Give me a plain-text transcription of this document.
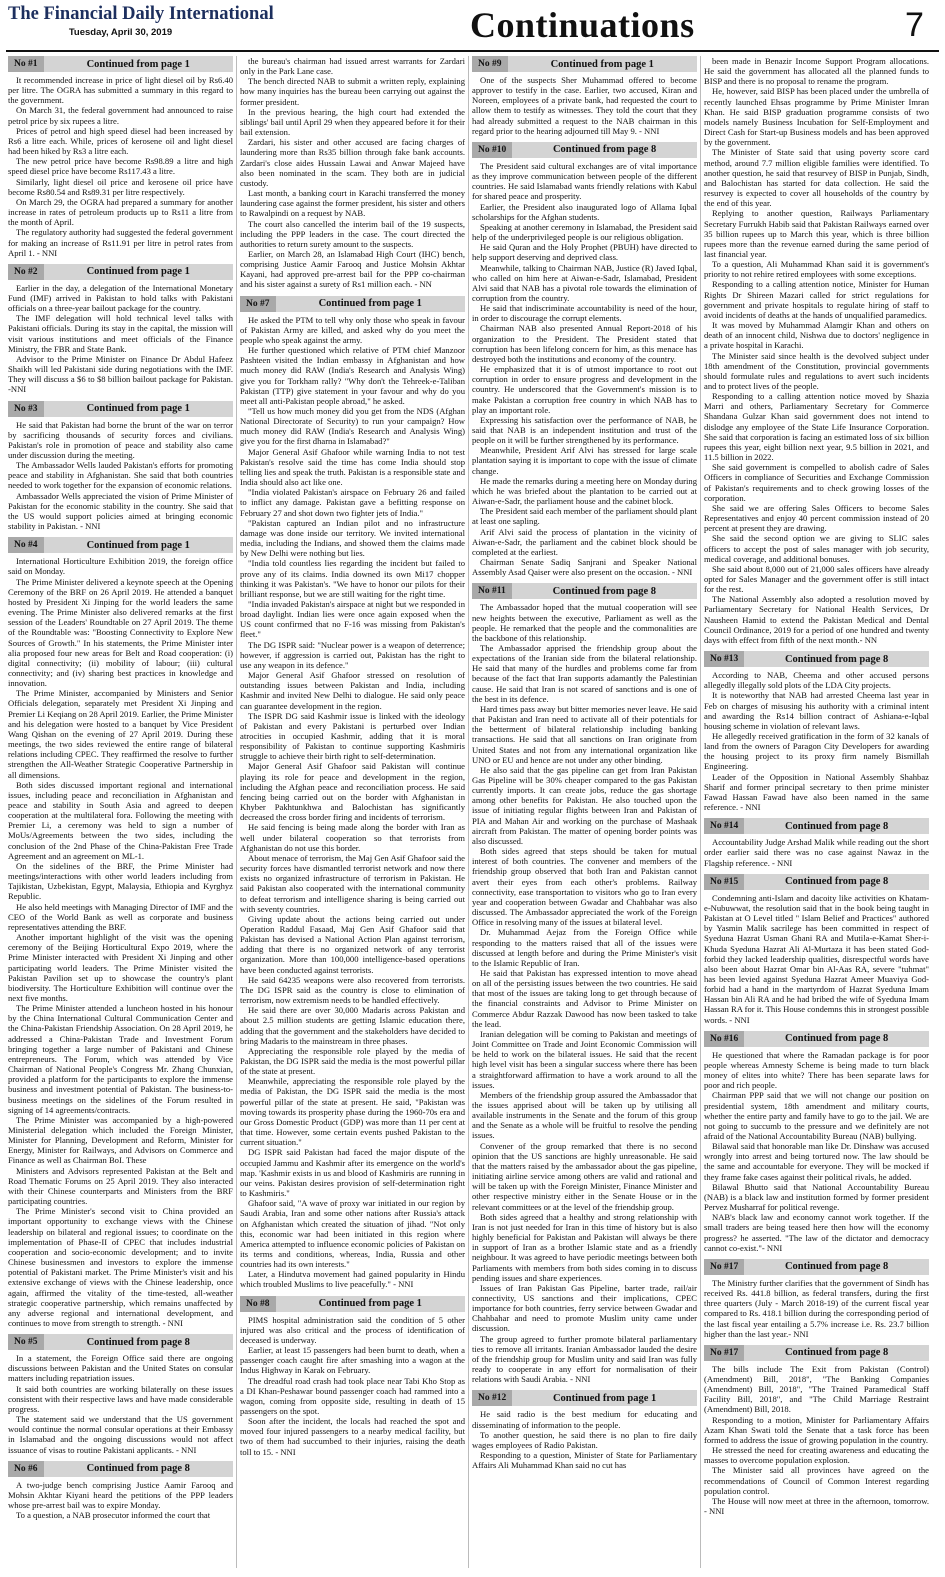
The Financial Daily International
Tuesday, April 30, 2019	Continuations	7
No #1	Continued from page 1

It recommended increase in price of light diesel oil by Rs6.40 per litre. The OGRA has submitted a summary in this regard to the government.

On March 31, the federal government had announced to raise petrol price by six rupees a litre.

Prices of petrol and high speed diesel had been increased by Rs6 a litre each. While, prices of kerosene oil and light diesel had been hiked by Rs3 a litre each.

The new petrol price have become Rs98.89 a litre and high speed diesel price have become Rs117.43 a litre.

Similarly, light diesel oil price and kerosene oil price have become Rs80.54 and Rs89.31 per litre respectively.

On March 29, the OGRA had prepared a summary for another increase in rates of petroleum products up to Rs11 a litre from the month of April.

The regulatory authority had suggested the federal government for making an increase of Rs11.91 per litre in petrol rates from April 1. - NNI

No #2	Continued from page 1

Earlier in the day, a delegation of the International Monetary Fund (IMF) arrived in Pakistan to hold talks with Pakistani officials on a three-year bailout package for the country.

The IMF delegation will hold technical level talks with Pakistani officials. During its stay in the capital, the mission will visit various institutions and meet officials of the Finance Ministry, the FBR and State Bank.

Advisor to the Prime Minister on Finance Dr Abdul Hafeez Shaikh will led Pakistani side during negotiations with the IMF. They will discuss a $6 to $8 billion bailout package for Pakistan. -NNI

No #3	Continued from page 1

He said that Pakistan had borne the brunt of the war on terror by sacrificing thousands of security forces and civilians. Pakistan's role in promotion of peace and stability also came under discussion during the meeting.

The Ambassador Wells lauded Pakistan's efforts for promoting peace and stability in Afghanistan. She said that both countries needed to work together for the expansion of economic relations.

Ambassador Wells appreciated the vision of Prime Minister of Pakistan for the economic stability in the country. She said that the US would support policies aimed at bringing economic stability in Pakistan. - NNI

No #4	Continued from page 1

International Horticulture Exhibition 2019, the foreign office said on Monday.

The Prime Minister delivered a keynote speech at the Opening Ceremony of the BRF on 26 April 2019. He attended a banquet hosted by President Xi Jinping for the world leaders the same evening. The Prime Minister also delivered remarks at the first session of the Leaders' Roundtable on 27 April 2019. The theme of the Roundtable was: "Boosting Connectivity to Explore New Sources of Growth." In his statements, the Prime Minister inter alia proposed four new areas for Belt and Road cooperation: (i) digital connectivity; (ii) mobility of labour; (iii) cultural connectivity; and (iv) sharing best practices in knowledge and innovation.

The Prime Minister, accompanied by Ministers and Senior Officials delegation, separately met President Xi Jinping and Premier Li Keqiang on 28 April 2019. Earlier, the Prime Minister and his delegation were hosted to a banquet by Vice President Wang Qishan on the evening of 27 April 2019. During these meetings, the two sides reviewed the entire range of bilateral relations including CPEC. They reaffirmed the resolve to further strengthen the All-Weather Strategic Cooperative Partnership in all dimensions.

Both sides discussed important regional and international issues, including peace and reconciliation in Afghanistan and peace and stability in South Asia and agreed to deepen cooperation at the multilateral fora. Following the meeting with Premier Li, a ceremony was held to sign a number of MoUs/Agreements between the two sides, including the conclusion of the 2nd Phase of the China-Pakistan Free Trade Agreement and an agreement on ML-1.

On the sidelines of the BRF, the Prime Minister had meetings/interactions with other world leaders including from Tajikistan, Uzbekistan, Egypt, Malaysia, Ethiopia and Kyrghyz Republic.

He also held meetings with Managing Director of IMF and the CEO of the World Bank as well as corporate and business representatives attending the BRF.

Another important highlight of the visit was the opening ceremony of the Beijing Horticultural Expo 2019, where the Prime Minister interacted with President Xi Jinping and other participating world leaders. The Prime Minister visited the Pakistan Pavilion set up to showcase the country's plant biodiversity. The Horticulture Exhibition will continue over the next five months.

The Prime Minister attended a luncheon hosted in his honour by the China International Cultural Communication Center and the China-Pakistan Friendship Association. On 28 April 2019, he addressed a China-Pakistan Trade and Investment Forum bringing together a large number of Pakistani and Chinese entrepreneurs. The Forum, which was attended by Vice Chairman of National People's Congress Mr. Zhang Chunxian, provided a platform for the participants to explore the immense business and investment potential of Pakistan. The business-to-business meetings on the sidelines of the Forum resulted in signing of 14 agreements/contracts.

The Prime Minister was accompanied by a high-powered Ministerial delegation which included the Foreign Minister, Minister for Planning, Development and Reform, Minister for Energy, Minister for Railways, and Advisors on Commerce and Finance as well as Chairman BoI. These

Ministers and Advisors represented Pakistan at the Belt and Road Thematic Forums on 25 April 2019. They also interacted with their Chinese counterparts and Ministers from the BRF participating countries.

The Prime Minister's second visit to China provided an important opportunity to exchange views with the Chinese leadership on bilateral and regional issues; to coordinate on the implementation of Phase-II of CPEC that includes industrial cooperation and socio-economic development; and to invite Chinese businessmen and investors to explore the immense potential of Pakistani market. The Prime Minister's visit and his extensive exchange of views with the Chinese leadership, once again, affirmed the vitality of the time-tested, all-weather strategic cooperative partnership, which remains unaffected by any adverse regional and international development, and continues to move from strength to strength. - NNI

No #5	Continued from page 8

In a statement, the Foreign Office said there are ongoing discussions between Pakistan and the United States on consular matters including repatriation issues.

It said both countries are working bilaterally on these issues consistent with their respective laws and have made considerable progress.

The statement said we understand that the US government would continue the normal consular operations at their Embassy in Islamabad and the ongoing discussions would not affect issuance of visas to routine Pakistani applicants. - NNI

No #6	Continued from page 8

A two-judge bench comprising Justice Aamir Farooq and Mohsin Akhtar Kiyani heard the petitions of the PPP leaders whose pre-arrest bail was to expire Monday.

To a question, a NAB prosecutor informed the court that

the bureau's chairman had issued arrest warrants for Zardari only in the Park Lane case.

The bench directed NAB to submit a written reply, explaining how many inquiries has the bureau been carrying out against the former president.

In the previous hearing, the high court had extended the siblings' bail until April 29 when they appeared before it for their bail extension.

Zardari, his sister and other accused are facing charges of laundering more than Rs35 billion through fake bank accounts. Zardari's close aides Hussain Lawai and Anwar Majeed have also been nominated in the scam. They both are in judicial custody.

Last month, a banking court in Karachi transferred the money laundering case against the former president, his sister and others to Rawalpindi on a request by NAB.

The court also cancelled the interim bail of the 19 suspects, including the PPP leaders in the case. The court directed the authorities to return surety amount to the suspects.

Earlier, on March 28, an Islamabad High Court (IHC) bench, comprising Justice Aamir Farooq and Justice Mohsin Akhtar Kayani, had approved pre-arrest bail for the PPP co-chairman and his sister against a surety of Rs1 million each. - NN

No #7	Continued from page 1

He asked the PTM to tell why only those who speak in favour of Pakistan Army are killed, and asked why do you meet the people who speak against the army.

He further questioned which relative of PTM chief Manzoor Pashteen visited the Indian embassy in Afghanistan and how much money did RAW (India's Research and Analysis Wing) give you for Torkham rally? "Why don't the Tehreek-e-Taliban Pakistan (TTP) give statement in your favour and why do you meet all anti-Pakistan people abroad," he asked.

"Tell us how much money did you get from the NDS (Afghan National Directorate of Security) to run your campaign? How much money did RAW (India's Research and Analysis Wing) give you for the first dharna in Islamabad?"

Major General Asif Ghafoor while warning India to not test Pakistan's resolve said the time has come India should stop telling lies and speak the truth. Pakistan is a responsible state and India should also act like one.

"India violated Pakistan's airspace on February 26 and failed to inflict any damage. Pakistan gave a befitting response on February 27 and shot down two fighter jets of India."

"Pakistan captured an Indian pilot and no infrastructure damage was done inside our territory. We invited international media, including the Indians, and showed them the claims made by New Delhi were nothing but lies.

"India told countless lies regarding the incident but failed to prove any of its claims. India downed its own Mi17 chopper thinking it was Pakistan's. "We have to honor our pilots for their brilliant response, but we are still waiting for the right time.

"India invaded Pakistan's airspace at night but we responded in broad daylight. Indian lies were once again exposed when the US count confirmed that no F-16 was missing from Pakistan's fleet."

The DG ISPR said: "Nuclear power is a weapon of deterrence; however, if aggression is carried out, Pakistan has the right to use any weapon in its defence."

Major General Asif Ghafoor stressed on resolution of outstanding issues between Pakistan and India, including Kashmir and invited New Delhi to dialogue. He said only peace can guarantee development in the region.

The ISPR DG said Kashmir issue is linked with the ideology of Pakistan and every Pakistani is perturbed over Indian atrocities in occupied Kashmir, adding that it is moral responsibility of Pakistan to continue supporting Kashmiris struggle to achieve their birth right to self-determination.

Major General Asif Ghafoor said Pakistan will continue playing its role for peace and development in the region, including the Afghan peace and reconciliation process. He said fencing being carried out on the border with Afghanistan in Khyber Pakhtunkhwa and Balochistan has significantly decreased the cross border firing and incidents of terrorism.

He said fencing is being made along the border with Iran as well under bilateral cooperation so that terrorists from Afghanistan do not use this border.

About menace of terrorism, the Maj Gen Asif Ghafoor said the security forces have dismantled terrorist network and now there exists no organized infrastructure of terrorism in Pakistan. He said Pakistan also cooperated with the international community to defeat terrorism and intelligence sharing is being carried out with seventy countries.

Giving update about the actions being carried out under Operation Raddul Fasaad, Maj Gen Asif Ghafoor said that Pakistan has devised a National Action Plan against terrorism, adding that there is no organized network of any terrorist organization. More than 100,000 intelligence-based operations have been conducted against terrorists.

He said 64235 weapons were also recovered from terrorists. The DG ISPR said as the country is close to elimination of terrorism, now extremism needs to be handled effectively.

He said there are over 30,000 Madaris across Pakistan and about 2.5 million students are getting Islamic education there, adding that the government and the stakeholders have decided to bring Madaris to the mainstream in three phases.

Appreciating the responsible role played by the media of Pakistan, the DG ISPR said the media is the most powerful pillar of the state at present.

Meanwhile, appreciating the responsible role played by the media of Pakistan, the DG ISPR said the media is the most powerful pillar of the state at present. He said, "Pakistan was moving towards its prosperity phase during the 1960-70s era and our Gross Domestic Product (GDP) was more than 11 per cent at that time. However, some certain events pushed Pakistan to the current situation."

DG ISPR said Pakistan had faced the major dispute of the occupied Jammu and Kashmir after its emergence on the world's map. 'Kashmir exists in us and blood of Kashmiris are running in our veins. Pakistan desires provision of self-determination right to Kashmiris."

Ghafoor said, "A wave of proxy war initiated in our region by Saudi Arabia, Iran and some other nations after Russia's attack on Afghanistan which created the situation of jihad. "Not only this, economic war had been initiated in this region where America attempted to influence economic policies of Pakistan on its terms and conditions, whereas, India, Russia and other countries had its own interests."

Later, a Hindutva movement had gained popularity in Hindu which troubled Muslims to live peacefully." - NNI

No #8	Continued from page 1

PIMS hospital administration said the condition of 5 other injured was also critical and the process of identification of deceased is underway.

Earlier, at least 15 passengers had been burnt to death, when a passenger coach caught fire after smashing into a wagon at the Indus Highway in Karak on February.

The dreadful road crash had took place near Tabi Kho Stop as a DI Khan-Peshawar bound passenger coach had rammed into a wagon, coming from opposite side, resulting in death of 15 passengers on the spot.

Soon after the incident, the locals had reached the spot and moved four injured passengers to a nearby medical facility, but two of them had succumbed to their injuries, raising the death toll to 15. - NNI

No #9	Continued from page 1

One of the suspects Sher Muhammad offered to become approver to testify in the case. Earlier, two accused, Kiran and Noreen, employees of a private bank, had requested the court to allow them to testify as witnesses. They told the court that they had already submitted a request to the NAB chairman in this regard prior to the hearing adjourned till May 9. - NNI

No #10	Continued from page 8

The President said cultural exchanges are of vital importance as they improve communication between people of the different countries. He said Islamabad wants friendly relations with Kabul for shared peace and prosperity.

Earlier, the President also inaugurated logo of Allama Iqbal scholarships for the Afghan students.

Speaking at another ceremony in Islamabad, the President said help of the underprivileged people is our religious obligation.

He said Quran and the Holy Prophet (PBUH) have directed to help support deserving and deprived class.

Meanwhile, talking to Chairman NAB, Justice (R) Javed Iqbal, who called on him here at Aiwan-e-Sadr, Islamabad, President Alvi said that NAB has a pivotal role towards the elimination of corruption from the country.

He said that indiscriminate accountability is need of the hour, in order to discourage the corrupt elements.

Chairman NAB also presented Annual Report-2018 of his organization to the President. The President stated that corruption has been lifelong concern for him, as this menace has destroyed both the institutions and economy of the country.

He emphasized that it is of utmost importance to root out corruption in order to ensure progress and development in the country. He underscored that the Government's mission is to make Pakistan a corruption free country in which NAB has to play an important role.

Expressing his satisfaction over the performance of NAB, he said that NAB is an independent institution and trust of the people on it will be further strengthened by its performance.

Meanwhile, President Arif Alvi has stressed for large scale plantation saying it is important to cope with the issue of climate change.

He made the remarks during a meeting here on Monday during which he was briefed about the plantation to be carried out at Aiwan-e-Sadr, the parliament house and the cabinet block.

The President said each member of the parliament should plant at least one sapling.

Arif Alvi said the process of plantation in the vicinity of Aiwan-e-Sadr, the parliament and the cabinet block should be completed at the earliest.

Chairman Senate Sadiq Sanjrani and Speaker National Assembly Asad Qaiser were also present on the occasion. - NNI

No #11	Continued from page 8

The Ambassador hoped that the mutual cooperation will see new heights between the executive, Parliament as well as the people. He remarked that the people and the commonalities are the backbone of this relationship.

The Ambassador apprised the friendship group about the expectations of the Iranian side from the bilateral relationship. He said that many of the hurdles and problems come far from because of the fact that Iran supports adamantly the Palestinian cause. He said that Iran is not scared of sanctions and is one of the best in its defence.

Hard times pass away but bitter memories never leave. He said that Pakistan and Iran need to activate all of their potentials for the betterment of bilateral relationship including banking transactions. He said that all sanctions on Iran originate from United States and not from any international organization like UNO or EU and hence are not under any other binding.

He also said that the gas pipeline can get from Iran Pakistan Gas Pipeline will be 30% cheaper compared to the gas Pakistan currently imports. It can create jobs, reduce the gas shortage among other benefits for Pakistan. He also touched upon the issue of initiating regular flights between Iran and Pakistan of PIA and Mahan Air and working on the purchase of Mashaak aircraft from Pakistan. The matter of opening border points was also discussed.

Both sides agreed that steps should be taken for mutual interest of both countries. The convener and members of the friendship group observed that both Iran and Pakistan cannot avert their eyes from each other's problems. Railway connectivity, ease transportation to visitors who go to Iran every year and cooperation between Gwadar and Chahbahar was also discussed. The Ambassador appreciated the work of the Foreign Office in resolving many of the issues at bilateral level.

Dr. Muhammad Aejaz from the Foreign Office while responding to the matters raised that all of the issues were discussed at length before and during the Prime Minister's visit to the Islamic Republic of Iran.

He said that Pakistan has expressed intention to move ahead on all of the persisting issues between the two countries. He said that most of the issues are taking long to get through because of the financial constraints and Advisor to Prime Minister on Commerce Abdur Razzak Dawood has now been tasked to take the lead.

Iranian delegation will be coming to Pakistan and meetings of Joint Committee on Trade and Joint Economic Commission will be held to work on the bilateral issues. He said that the recent high level visit has been a singular success where there has been a straightforward affirmation to have a work around to all the issues.

Members of the friendship group assured the Ambassador that the issues apprised about will be taken up by utilising all available instruments in the Senate and the forum of this group and the Senate as a whole will be fruitful to resolve the pending issues.

Convener of the group remarked that there is no second opinion that the US sanctions are highly unreasonable. He said that the matters raised by the ambassador about the gas pipeline, initiating airline service among others are valid and rational and will be taken up with the Foreign Minister, Finance Minister and other respective ministry either in the Senate House or in the relevant committees or at the level of the friendship group.

Both sides agreed that a healthy and strong relationship with Iran is not just needed for Iran in this time of history but is also highly beneficial for Pakistan and Pakistan will always be there in support of Iran as a brother Islamic state and as a friendly neighbour. It was agreed to have periodic meetings between both Parliaments with members from both sides coming in to discuss pending issues and share experiences.

Issues of Iran Pakistan Gas Pipeline, barter trade, rail/air connectivity, US sanctions and their implications, CPEC importance for both countries, ferry service between Gwadar and Chahbahar and need to promote Muslim unity came under discussion.

The group agreed to further promote bilateral parliamentary ties to remove all irritants. Iranian Ambassador lauded the desire of the friendship group for Muslim unity and said Iran was fully ready to cooperate in any effort for normalisation of their relations with Saudi Arabia. - NNI

No #12	Continued from page 1

He said radio is the best medium for educating and disseminating of information to the people.

To another question, he said there is no plan to fire daily wages employees of Radio Pakistan.

Responding to a question, Minister of State for Parliamentary Affairs Ali Muhammad Khan said no cut has

been made in Benazir Income Support Program allocations. He said the government has allocated all the planned funds to BISP and there is no proposal to rename the program.

He, however, said BISP has been placed under the umbrella of recently launched Ehsas programme by Prime Minister Imran Khan. He said BISP graduation programme consists of two models namely Business Incubation for Self-Employment and Direct Cash for Start-up Business models and has been approved by the government.

The Minister of State said that using poverty score card method, around 7.7 million eligible families were identified. To another question, he said that resurvey of BISP in Punjab, Sindh, and Balochistan has started for data collection. He said the resurvey is expected to cover all households of the country by the end of this year.

Replying to another question, Railways Parliamentary Secretary Furrukh Habib said that Pakistan Railways earned over 35 billion rupees up to March this year, which is three billion rupees more than the revenue earned during the same period of last financial year.

To a question, Ali Muhammad Khan said it is government's priority to not rehire retired employees with some exceptions.

Responding to a calling attention notice, Minister for Human Rights Dr Shireen Mazari called for strict regulations for government and private hospitals to regulate hiring of staff to avoid incidents of deaths at the hands of unqualified paramedics.

It was moved by Muhammad Alamgir Khan and others on death of an innocent child, Nishwa due to doctors' negligence in a private hospital in Karachi.

The Minister said since health is the devolved subject under 18th amendment of the Constitution, provincial governments should formulate rules and regulations to avert such incidents and to protect lives of the people.

Responding to a calling attention notice moved by Shazia Marri and others, Parliamentary Secretary for Commerce Shandana Gulzar Khan said government does not intend to dislodge any employee of the State Life Insurance Corporation. She said that corporation is facing an estimated loss of six billion rupees this year, eight billion next year, 9.5 billion in 2021, and 11.5 billion in 2022.

She said government is compelled to abolish cadre of Sales Officers in compliance of Securities and Exchange Commission of Pakistan's requirements and to check growing losses of the corporation.

She said we are offering Sales Officers to become Sales Representatives and enjoy 40 percent commission instead of 20 percent at present they are drawing.

She said the second option we are giving to SLIC sales officers to accept the post of sales manager with job security, medical coverage, and additional bonuses.

She said about 8,000 out of 21,000 sales officers have already opted for Sales Manager and the government offer is still intact for the rest.

The National Assembly also adopted a resolution moved by Parliamentary Secretary for National Health Services, Dr Nausheen Hamid to extend the Pakistan Medical and Dental Council Ordinance, 2019 for a period of one hundred and twenty days with effect from fifth of the next month.- NN

No #13	Continued from page 8

According to NAB, Cheema and other accused persons allegedly illegally sold plots of the LDA City projects.

It is noteworthy that NAB had arrested Cheema last year in Feb on charges of misusing his authority with a criminal intent and awarding the Rs14 billion contract of Ashiana-e-Iqbal housing scheme in violation of relevant laws.

He allegedly received gratification in the form of 32 kanals of land from the owners of Paragon City Developers for awarding the housing project to its proxy firm namely Bismillah Engineering.

Leader of the Opposition in National Assembly Shahbaz Sharif and former principal secretary to then prime minister Fawad Hassan Fawad have also been named in the same reference. - NNI

No #14	Continued from page 8

Accountability Judge Arshad Malik while reading out the short order earlier said there was no case against Nawaz in the Flagship reference. - NNI

No #15	Continued from page 8

Condemning anti-Islam and dacoity like activities on Khatam-e-Nubuwwat, the resolution said that in the book being taught in Pakistan at O Level titled " Islam Belief and Practices" authored by Yasmin Malik sacrilege has been committed in respect of Syeduna Hazrat Usman Ghani RA and Mutila-e-Kamat Sher-i-Khuda Syeduna Hazrat Ali Al-Murtaza it has been stated God-forbid they lacked leadership qualities, disrespectful words have also been about Hazrat Omar bin Al-Aas RA, severe "tuhmat" has been levied against Syeduna Hazrat Ameer Muaviya God-forbid had a hand in the martyrdom of Hazrat Syeduna Imam Hassan bin Ali RA and he had bribed the wife of Syeduna Imam Hassan RA for it. This House condemns this in strongest possible words. - NNI

No #16	Continued from page 8

He questioned that where the Ramadan package is for poor people whereas Amnesty Scheme is being made to turn black money of elites into white? There has been separate laws for poor and rich people.

Chairman PPP said that we will not change our position on presidential system, 18th amendment and military courts, whether the entire party and family have to go to the jail. We are not going to succumb to the pressure and we definitely are not afraid of the National Accountability Bureau (NAB) bullying.

Bilawal said that honorable man like Dr. Dinshaw was accused wrongly into arrest and being tortured now. The law should be the same and accountable for everyone. They will be mocked if they frame fake cases against their political rivals, he added.

Bilawal Bhutto said that National Accountability Bureau (NAB) is a black law and institution formed by former president Pervez Musharraf for political revenge.

NAB's black law and economy cannot work together. If the small traders are being teased here then how will the economy progress? he asserted. "The law of the dictator and democracy cannot co-exist."- NNI

No #17	Continued from page 8

The Ministry further clarifies that the government of Sindh has received Rs. 441.8 billion, as federal transfers, during the first three quarters (July - March 2018-19) of the current fiscal year compared to Rs. 418.1 billion during the corresponding period of the last fiscal year entailing a 5.7% increase i.e. Rs. 23.7 billion higher than the last year.- NNI

No #17	Continued from page 8

The bills include The Exit from Pakistan (Control) (Amendment) Bill, 2018", "The Banking Companies (Amendment) Bill, 2018", "The Trained Paramedical Staff Facility Bill, 2018", and "The Child Marriage Restraint (Amendment) Bill, 2018.

Responding to a motion, Minister for Parliamentary Affairs Azam Khan Swati told the Senate that a task force has been formed to address the issue of growing population in the country.

He stressed the need for creating awareness and educating the masses to overcome population explosion.

The Minister said all provinces have agreed on the recommendations of Council of Common Interest regarding population control.

The House will now meet at three in the afternoon, tomorrow. - NNI
